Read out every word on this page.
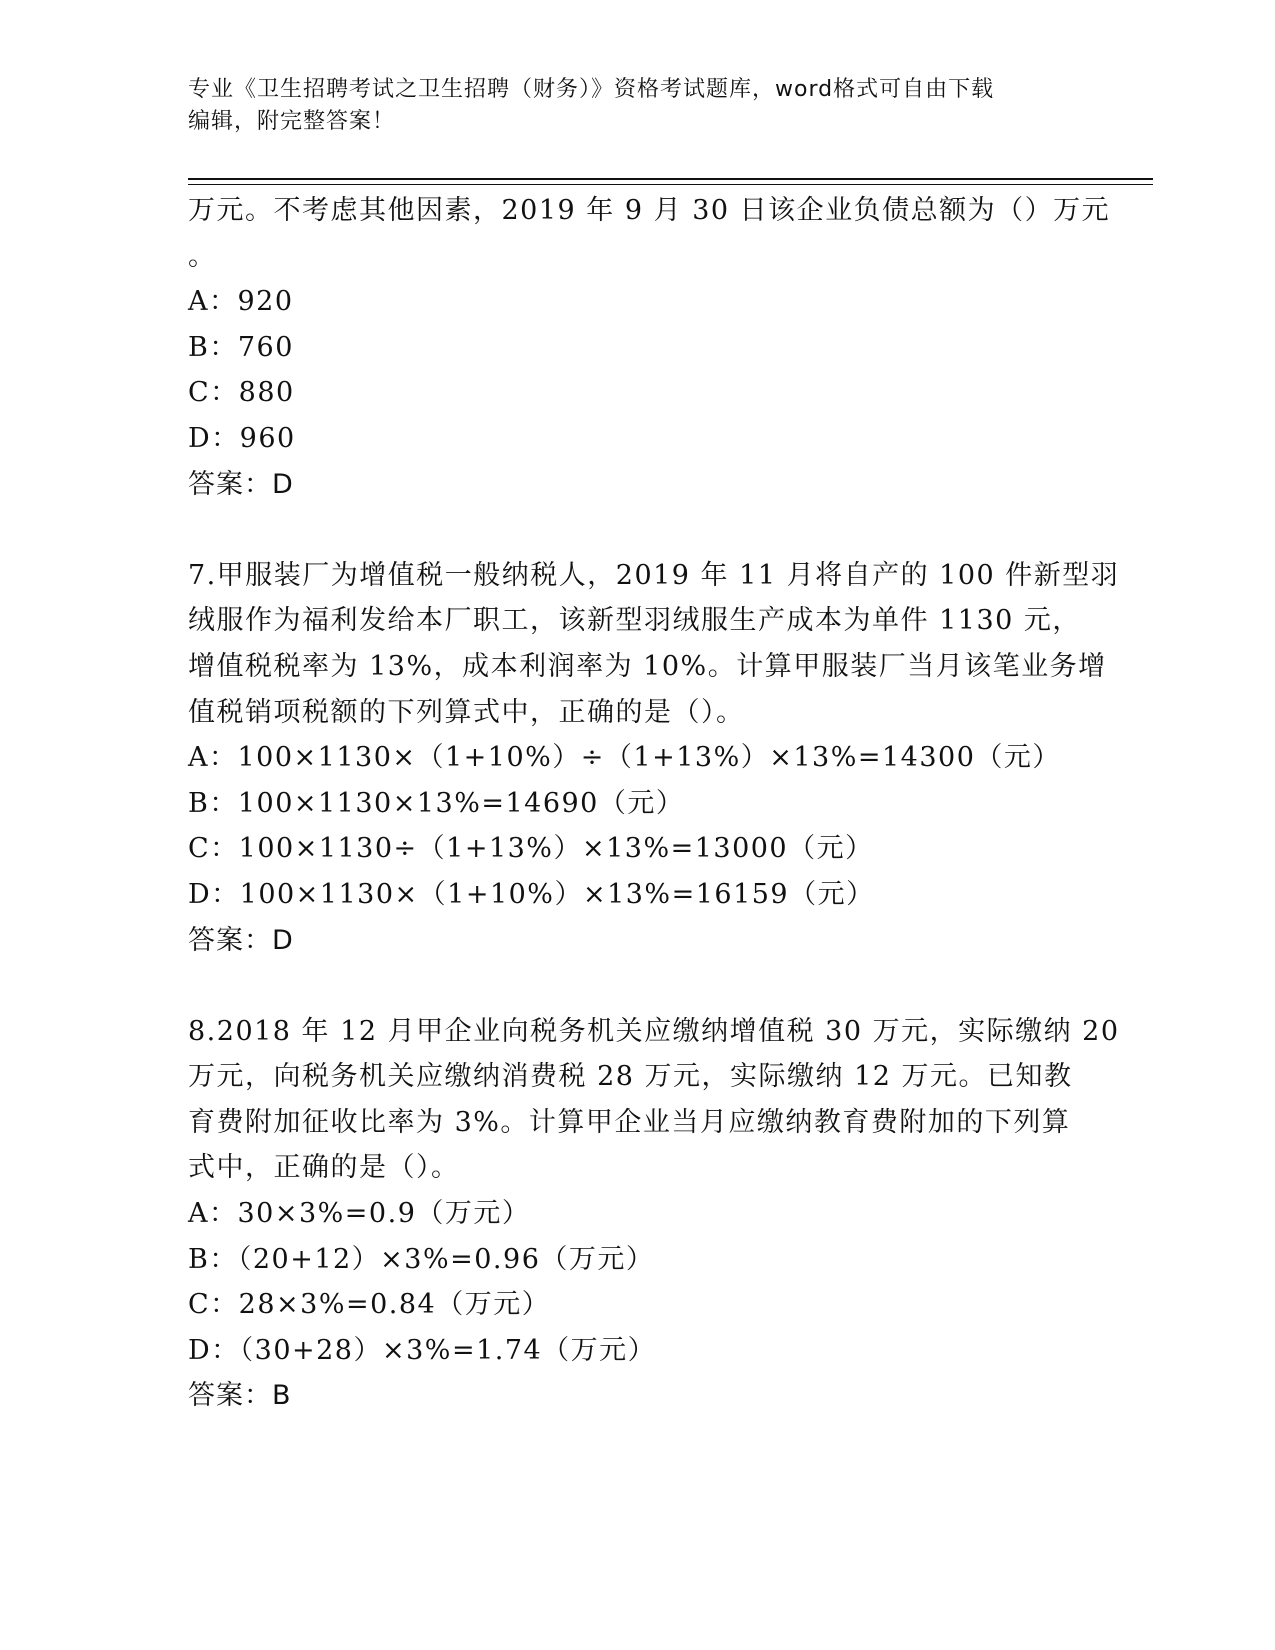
专业《卫生招聘考试之卫生招聘（财务）》资格考试题库，word格式可自由下载
编辑，附完整答案！
万元。不考虑其他因素，2019 年 9 月 30 日该企业负债总额为（）万元
。
A：920
B：760
C：880
D：960
答案：D
7.甲服装厂为增值税一般纳税人，2019 年 11 月将自产的 100 件新型羽
绒服作为福利发给本厂职工，该新型羽绒服生产成本为单件 1130 元，
增值税税率为 13%，成本利润率为 10%。计算甲服装厂当月该笔业务增
值税销项税额的下列算式中，正确的是（）。
A：100×1130×（1+10%）÷（1+13%）×13%=14300（元）
B：100×1130×13%=14690（元）
C：100×1130÷（1+13%）×13%=13000（元）
D：100×1130×（1+10%）×13%=16159（元）
答案：D
8.2018 年 12 月甲企业向税务机关应缴纳增值税 30 万元，实际缴纳 20
万元，向税务机关应缴纳消费税 28 万元，实际缴纳 12 万元。已知教
育费附加征收比率为 3%。计算甲企业当月应缴纳教育费附加的下列算
式中，正确的是（）。
A：30×3%=0.9（万元）
B：（20+12）×3%=0.96（万元）
C：28×3%=0.84（万元）
D：（30+28）×3%=1.74（万元）
答案：B
